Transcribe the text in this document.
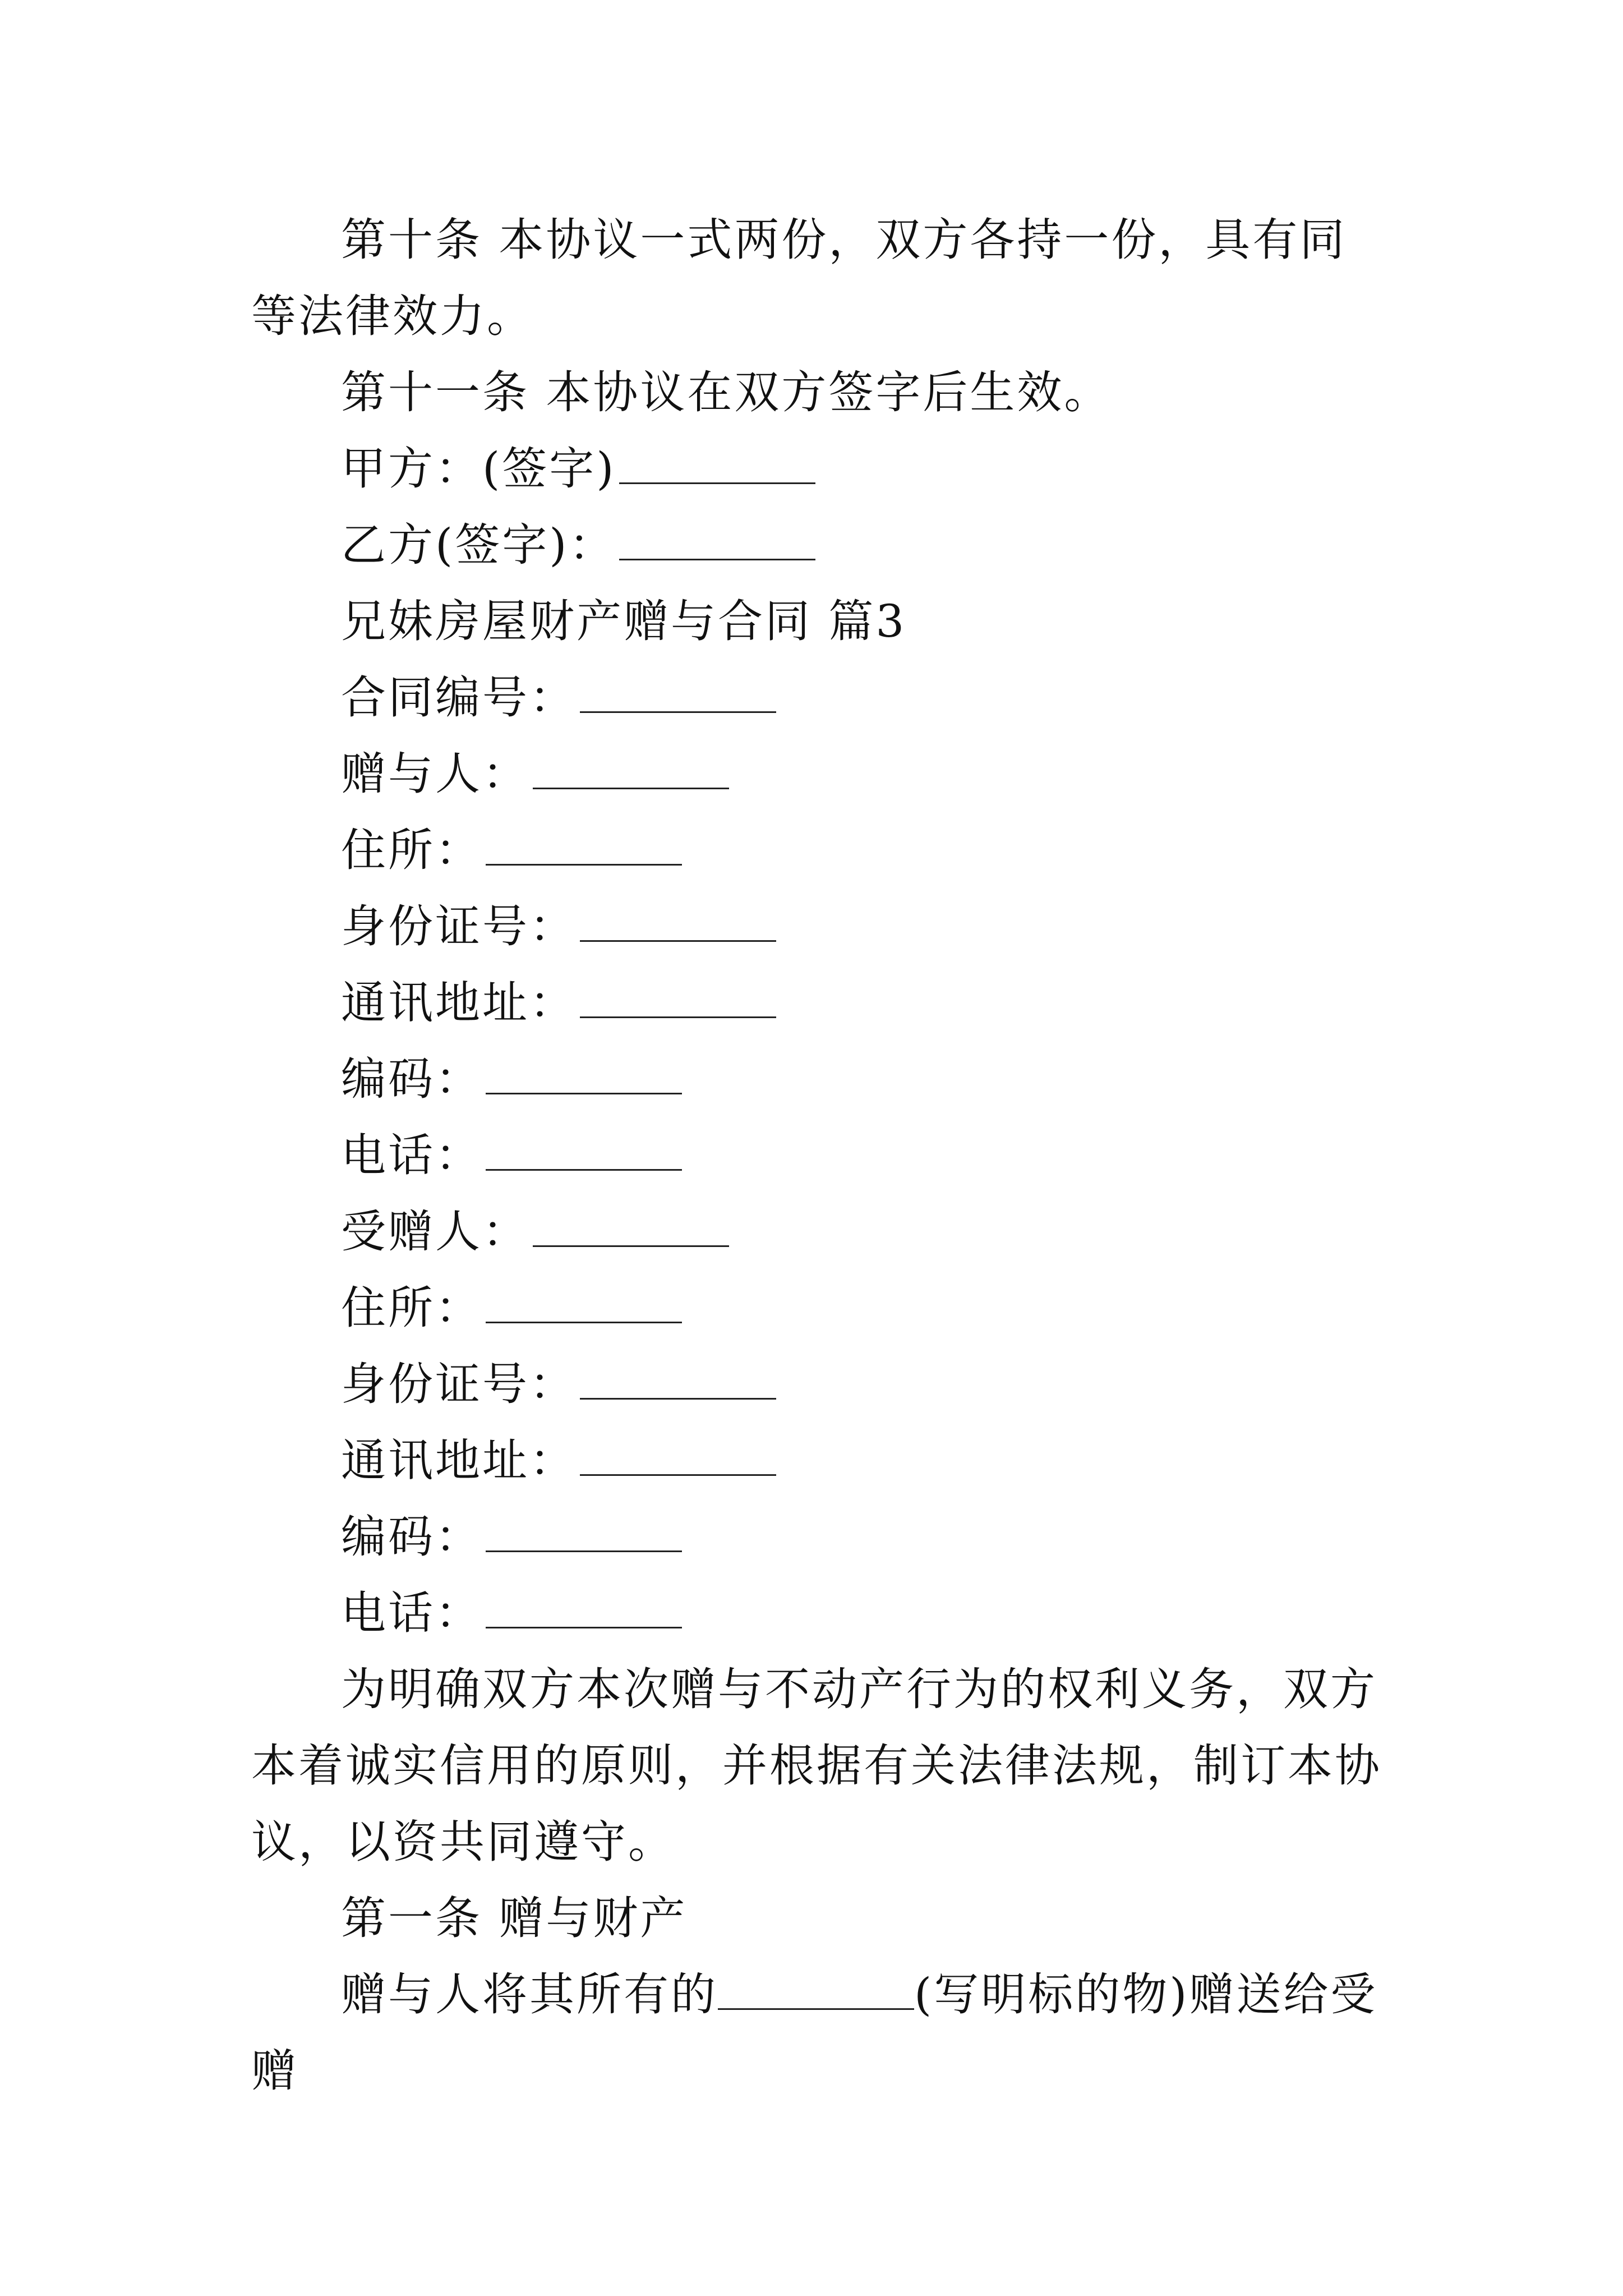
第十条 本协议一式两份，双方各持一份，具有同等法律效力。

第十一条 本协议在双方签字后生效。

甲方：(签字)

乙方(签字)：

兄妹房屋财产赠与合同 篇3

合同编号：

赠与人：

住所：

身份证号：

通讯地址：

编码：

电话：

受赠人：

住所：

身份证号：

通讯地址：

编码：

电话：

为明确双方本次赠与不动产行为的权利义务，双方本着诚实信用的原则，并根据有关法律法规，制订本协议，以资共同遵守。

第一条 赠与财产

赠与人将其所有的	(写明标的物)赠送给受赠
